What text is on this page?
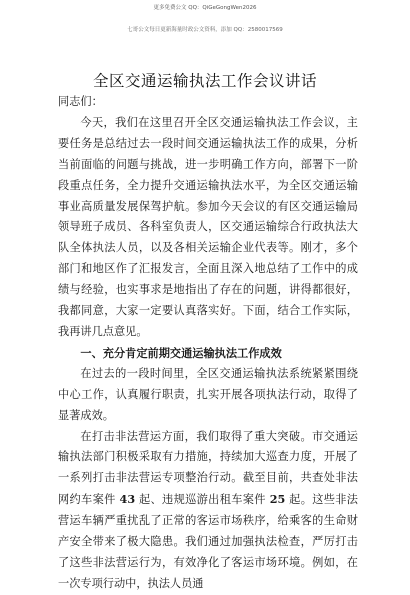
更多免费公文 QQ：QiGeGongWen2026
七哥公文每日更新海量时政公文资料，添加 QQ：2580017569
全区交通运输执法工作会议讲话

同志们：

今天，我们在这里召开全区交通运输执法工作会议，主要任务是总结过去一段时间交通运输执法工作的成果，分析当前面临的问题与挑战，进一步明确工作方向，部署下一阶段重点任务，全力提升交通运输执法水平，为全区交通运输事业高质量发展保驾护航。参加今天会议的有区交通运输局领导班子成员、各科室负责人，区交通运输综合行政执法大队全体执法人员，以及各相关运输企业代表等。刚才，多个部门和地区作了汇报发言，全面且深入地总结了工作中的成绩与经验，也实事求是地指出了存在的问题，讲得都很好，我都同意，大家一定要认真落实好。下面，结合工作实际，我再讲几点意见。

一、充分肯定前期交通运输执法工作成效

在过去的一段时间里，全区交通运输执法系统紧紧围绕中心工作，认真履行职责，扎实开展各项执法行动，取得了显著成效。

在打击非法营运方面，我们取得了重大突破。市交通运输执法部门积极采取有力措施，持续加大巡查力度，开展了一系列打击非法营运专项整治行动。截至目前，共查处非法网约车案件 43 起、违规巡游出租车案件 25 起。这些非法营运车辆严重扰乱了正常的客运市场秩序，给乘客的生命财产安全带来了极大隐患。我们通过加强执法检查，严厉打击了这些非法营运行为，有效净化了客运市场环境。例如，在一次专项行动中，执法人员通
